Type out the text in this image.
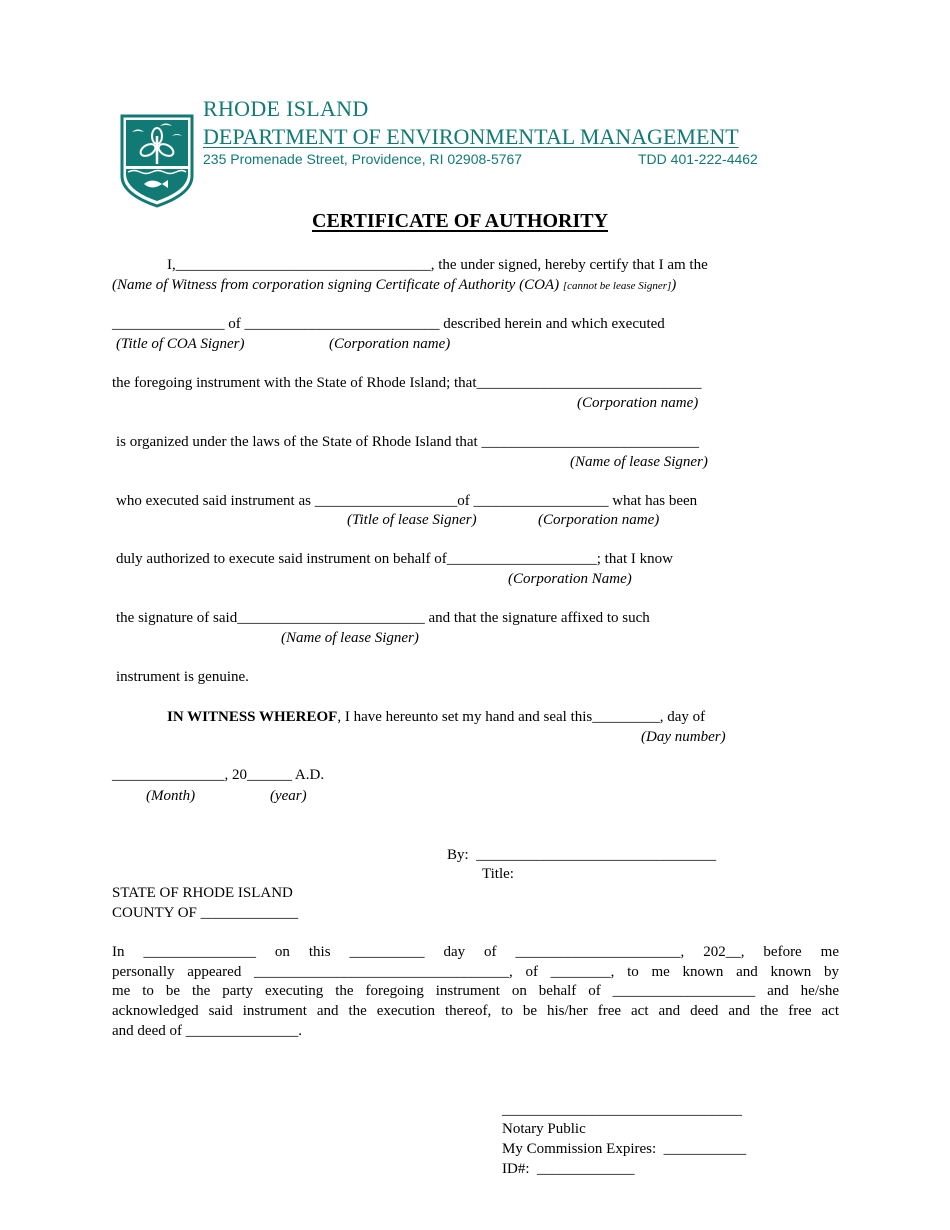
RHODE ISLAND
DEPARTMENT OF ENVIRONMENTAL MANAGEMENT
235 Promenade Street, Providence, RI 02908-5767	TDD 401-222-4462
CERTIFICATE OF AUTHORITY
I,__________________________________, the under signed, hereby certify that I am the
(Name of Witness from corporation signing Certificate of Authority (COA) [cannot be lease Signer])
_______________ of __________________________ described herein and which executed
(Title of COA Signer)	(Corporation name)
the foregoing instrument with the State of Rhode Island; that______________________________
(Corporation name)
is organized under the laws of the State of Rhode Island that _____________________________
(Name of lease Signer)
who executed said instrument as ___________________of __________________ what has been
(Title of lease Signer)	(Corporation name)
duly authorized to execute said instrument on behalf of____________________; that I know
(Corporation Name)
the signature of said_________________________ and that the signature affixed to such
(Name of lease Signer)
instrument is genuine.
IN WITNESS WHEREOF, I have hereunto set my hand and seal this_________, day of
(Day number)
_______________, 20______ A.D.
(Month)	(year)
By:  ________________________________
Title:
STATE OF RHODE ISLAND
COUNTY OF _____________
In _______________ on this __________ day of ______________________, 202__, before me
personally appeared __________________________________, of ________, to me known and known by
me to be the party executing the foregoing instrument on behalf of ___________________ and he/she
acknowledged said instrument and the execution thereof, to be his/her free act and deed and the free act
and deed of _______________.
________________________________
Notary Public
My Commission Expires:  ___________
ID#:  _____________
